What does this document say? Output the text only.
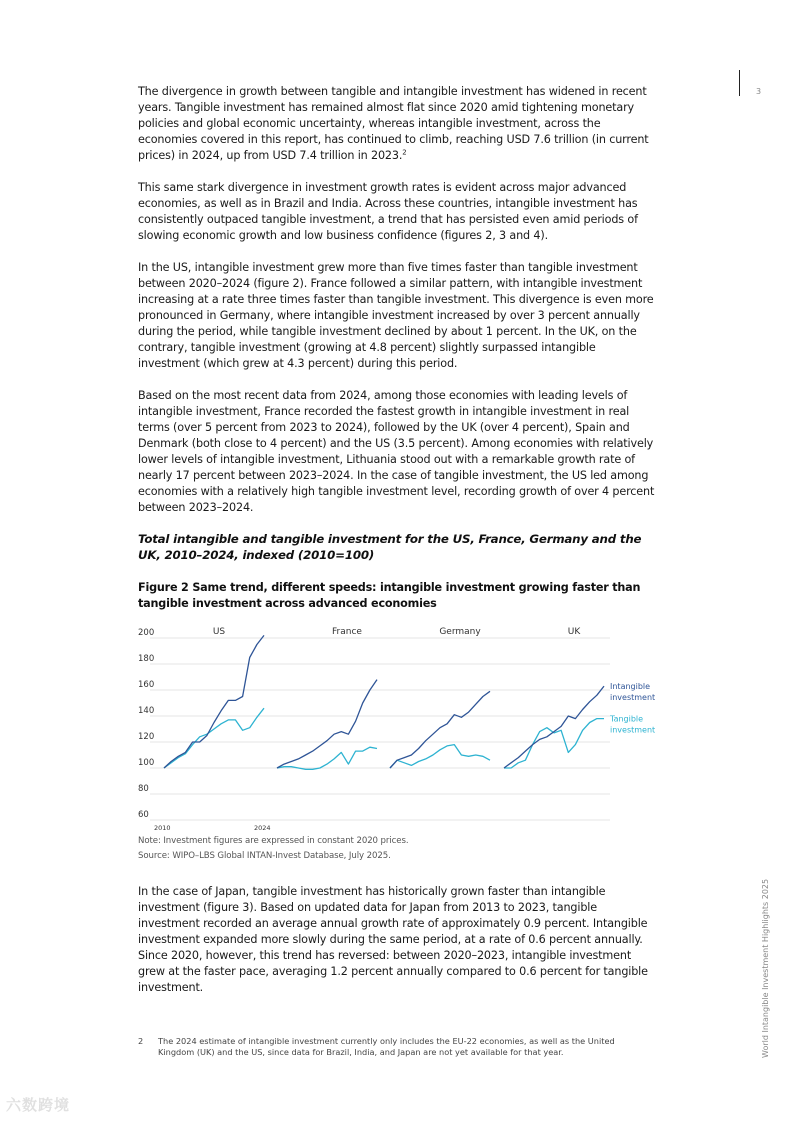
3

The divergence in growth between tangible and intangible investment has widened in recent years. Tangible investment has remained almost flat since 2020 amid tightening monetary policies and global economic uncertainty, whereas intangible investment, across the economies covered in this report, has continued to climb, reaching USD 7.6 trillion (in current prices) in 2024, up from USD 7.4 trillion in 2023.$^2$

This same stark divergence in investment growth rates is evident across major advanced economies, as well as in Brazil and India. Across these countries, intangible investment has consistently outpaced tangible investment, a trend that has persisted even amid periods of slowing economic growth and low business confidence (figures 2, 3 and 4).
In the US, intangible investment grew more than five times faster than tangible investment between 2020–2024 (figure 2). France followed a similar pattern, with intangible investment increasing at a rate three times faster than tangible investment. This divergence is even more pronounced in Germany, where intangible investment increased by over 3 percent annually during the period, while tangible investment declined by about 1 percent. In the UK, on the contrary, tangible investment (growing at 4.8 percent) slightly surpassed intangible investment (which grew at 4.3 percent) during this period.
Based on the most recent data from 2024, among those economies with leading levels of intangible investment, France recorded the fastest growth in intangible investment in real terms (over 5 percent from 2023 to 2024), followed by the UK (over 4 percent), Spain and Denmark (both close to 4 percent) and the US (3.5 percent). Among economies with relatively lower levels of intangible investment, Lithuania stood out with a remarkable growth rate of nearly 17 percent between 2023–2024. In the case of tangible investment, the US led among economies with a relatively high tangible investment level, recording growth of over 4 percent between 2023–2024.
Total intangible and tangible investment for the US, France, Germany and the UK, 2010–2024, indexed (2010=100)
Figure 2 Same trend, different speeds: intangible investment growing faster than tangible investment across advanced economies
200
180
160
140
120
100
80
60
2010	2024
US	France	Germany	UK
Intangible
investment
Tangible
investment
Note: Investment figures are expressed in constant 2020 prices.
Source: WIPO–LBS Global INTAN-Invest Database, July 2025.
In the case of Japan, tangible investment has historically grown faster than intangible investment (figure 3). Based on updated data for Japan from 2013 to 2023, tangible investment recorded an average annual growth rate of approximately 0.9 percent. Intangible investment expanded more slowly during the same period, at a rate of 0.6 percent annually. Since 2020, however, this trend has reversed: between 2020–2023, intangible investment grew at the faster pace, averaging 1.2 percent annually compared to 0.6 percent for tangible investment.
2 The 2024 estimate of intangible investment currently only includes the EU-22 economies, as well as the United Kingdom (UK) and the US, since data for Brazil, India, and Japan are not yet available for that year.	World Intangible Investment Highlights 2025
六数跨境
